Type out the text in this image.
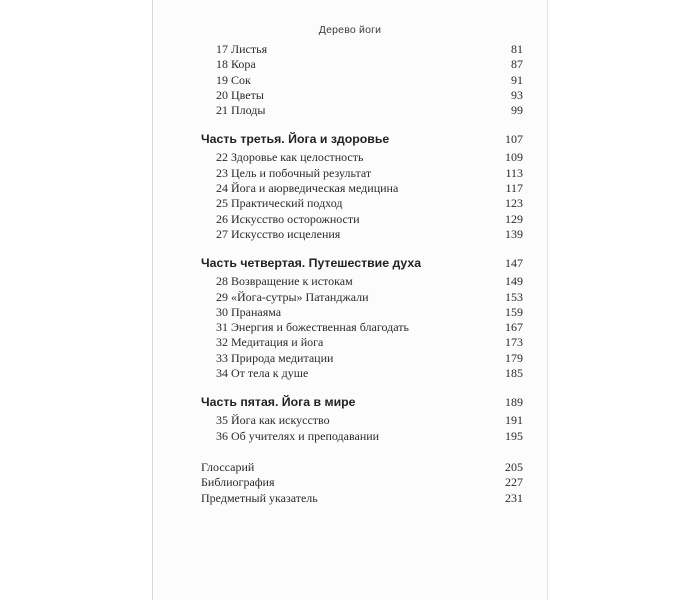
Дерево йоги
17 Листья	81
18 Кора	87
19 Сок	91
20 Цветы	93
21 Плоды	99
Часть третья. Йога и здоровье	107
22 Здоровье как целостность	109
23 Цель и побочный результат	113
24 Йога и аюрведическая медицина	117
25 Практический подход	123
26 Искусство осторожности	129
27 Искусство исцеления	139
Часть четвертая. Путешествие духа	147
28 Возвращение к истокам	149
29 «Йога-сутры» Патанджали	153
30 Пранаяма	159
31 Энергия и божественная благодать	167
32 Медитация и йога	173
33 Природа медитации	179
34 От тела к душе	185
Часть пятая. Йога в мире	189
35 Йога как искусство	191
36 Об учителях и преподавании	195
Глоссарий	205
Библиография	227
Предметный указатель	231
